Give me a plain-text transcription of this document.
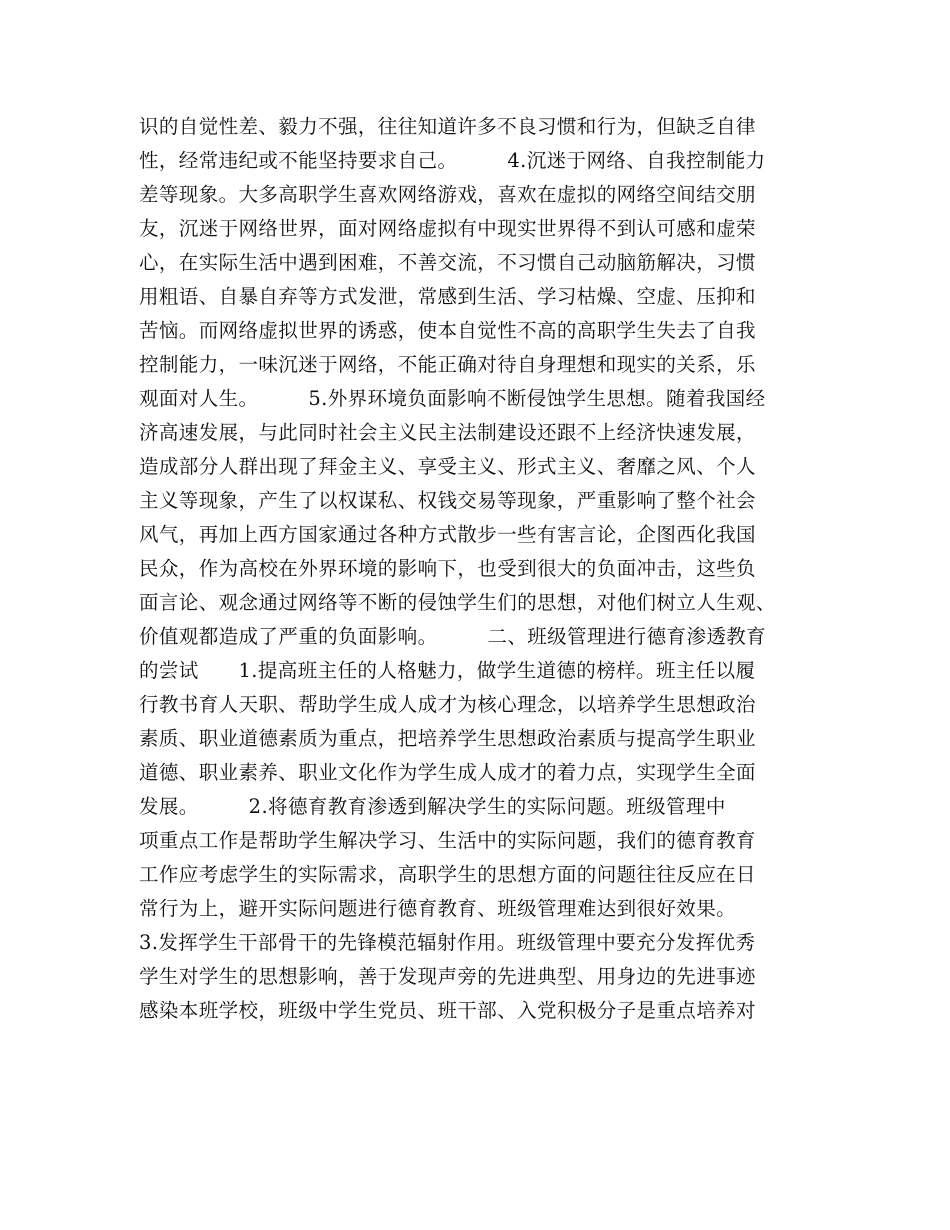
识的自觉性差、毅力不强，往往知道许多不良习惯和行为，但缺乏自律
性，经常违纪或不能坚持要求自己。　　　4.沉迷于网络、自我控制能力
差等现象。大多高职学生喜欢网络游戏，喜欢在虚拟的网络空间结交朋
友，沉迷于网络世界，面对网络虚拟有中现实世界得不到认可感和虚荣
心，在实际生活中遇到困难，不善交流，不习惯自己动脑筋解决，习惯
用粗语、自暴自弃等方式发泄，常感到生活、学习枯燥、空虚、压抑和
苦恼。而网络虚拟世界的诱惑，使本自觉性不高的高职学生失去了自我
控制能力，一味沉迷于网络，不能正确对待自身理想和现实的关系，乐
观面对人生。　　　5.外界环境负面影响不断侵蚀学生思想。随着我国经
济高速发展，与此同时社会主义民主法制建设还跟不上经济快速发展，
造成部分人群出现了拜金主义、享受主义、形式主义、奢靡之风、个人
主义等现象，产生了以权谋私、权钱交易等现象，严重影响了整个社会
风气，再加上西方国家通过各种方式散步一些有害言论，企图西化我国
民众，作为高校在外界环境的影响下，也受到很大的负面冲击，这些负
面言论、观念通过网络等不断的侵蚀学生们的思想，对他们树立人生观、
价值观都造成了严重的负面影响。　　　二、班级管理进行德育渗透教育
的尝试　　1.提高班主任的人格魅力，做学生道德的榜样。班主任以履
行教书育人天职、帮助学生成人成才为核心理念，以培养学生思想政治
素质、职业道德素质为重点，把培养学生思想政治素质与提高学生职业
道德、职业素养、职业文化作为学生成人成才的着力点，实现学生全面
发展。　　　2.将德育教育渗透到解决学生的实际问题。班级管理中
项重点工作是帮助学生解决学习、生活中的实际问题，我们的德育教育
工作应考虑学生的实际需求，高职学生的思想方面的问题往往反应在日
常行为上，避开实际问题进行德育教育、班级管理难达到很好效果。
3.发挥学生干部骨干的先锋模范辐射作用。班级管理中要充分发挥优秀
学生对学生的思想影响，善于发现声旁的先进典型、用身边的先进事迹
感染本班学校，班级中学生党员、班干部、入党积极分子是重点培养对
